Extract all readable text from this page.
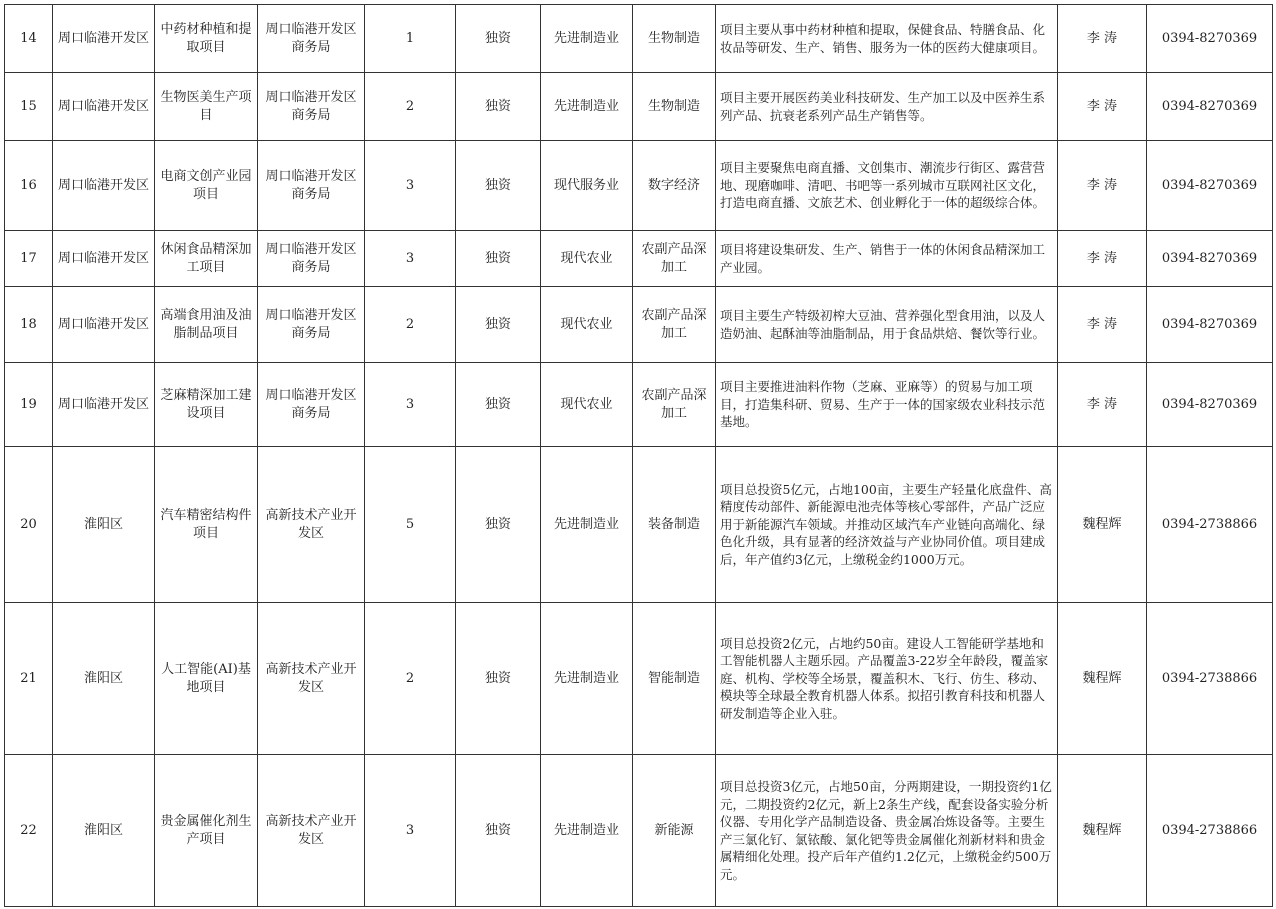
14	周口临港开发区	中药材种植和提取项目	周口临港开发区商务局	1	独资	先进制造业	生物制造	项目主要从事中药材种植和提取，保健食品、特膳食品、化妆品等研发、生产、销售、服务为一体的医药大健康项目。	李 涛	0394-8270369
15	周口临港开发区	生物医美生产项目	周口临港开发区商务局	2	独资	先进制造业	生物制造	项目主要开展医药美业科技研发、生产加工以及中医养生系列产品、抗衰老系列产品生产销售等。	李 涛	0394-8270369
16	周口临港开发区	电商文创产业园项目	周口临港开发区商务局	3	独资	现代服务业	数字经济	项目主要聚焦电商直播、文创集市、潮流步行街区、露营营地、现磨咖啡、清吧、书吧等一系列城市互联网社区文化，打造电商直播、文旅艺术、创业孵化于一体的超级综合体。	李 涛	0394-8270369
17	周口临港开发区	休闲食品精深加工项目	周口临港开发区商务局	3	独资	现代农业	农副产品深加工	项目将建设集研发、生产、销售于一体的休闲食品精深加工产业园。	李 涛	0394-8270369
18	周口临港开发区	高端食用油及油脂制品项目	周口临港开发区商务局	2	独资	现代农业	农副产品深加工	项目主要生产特级初榨大豆油、营养强化型食用油，以及人造奶油、起酥油等油脂制品，用于食品烘焙、餐饮等行业。	李 涛	0394-8270369
19	周口临港开发区	芝麻精深加工建设项目	周口临港开发区商务局	3	独资	现代农业	农副产品深加工	项目主要推进油料作物（芝麻、亚麻等）的贸易与加工项目，打造集科研、贸易、生产于一体的国家级农业科技示范基地。	李 涛	0394-8270369
20	淮阳区	汽车精密结构件项目	高新技术产业开发区	5	独资	先进制造业	装备制造	项目总投资5亿元，占地100亩，主要生产轻量化底盘件、高精度传动部件、新能源电池壳体等核心零部件，产品广泛应用于新能源汽车领域。并推动区域汽车产业链向高端化、绿色化升级，具有显著的经济效益与产业协同价值。项目建成后，年产值约3亿元，上缴税金约1000万元。	魏程辉	0394-2738866
21	淮阳区	人工智能(AI)基地项目	高新技术产业开发区	2	独资	先进制造业	智能制造	项目总投资2亿元，占地约50亩。建设人工智能研学基地和工智能机器人主题乐园。产品覆盖3-22岁全年龄段，覆盖家庭、机构、学校等全场景，覆盖积木、飞行、仿生、移动、模块等全球最全教育机器人体系。拟招引教育科技和机器人研发制造等企业入驻。	魏程辉	0394-2738866
22	淮阳区	贵金属催化剂生产项目	高新技术产业开发区	3	独资	先进制造业	新能源	项目总投资3亿元，占地50亩，分两期建设，一期投资约1亿元，二期投资约2亿元，新上2条生产线，配套设备实验分析仪器、专用化学产品制造设备、贵金属冶炼设备等。主要生产三氯化钌、氯铱酸、氯化钯等贵金属催化剂新材料和贵金属精细化处理。投产后年产值约1.2亿元，上缴税金约500万元。	魏程辉	0394-2738866
